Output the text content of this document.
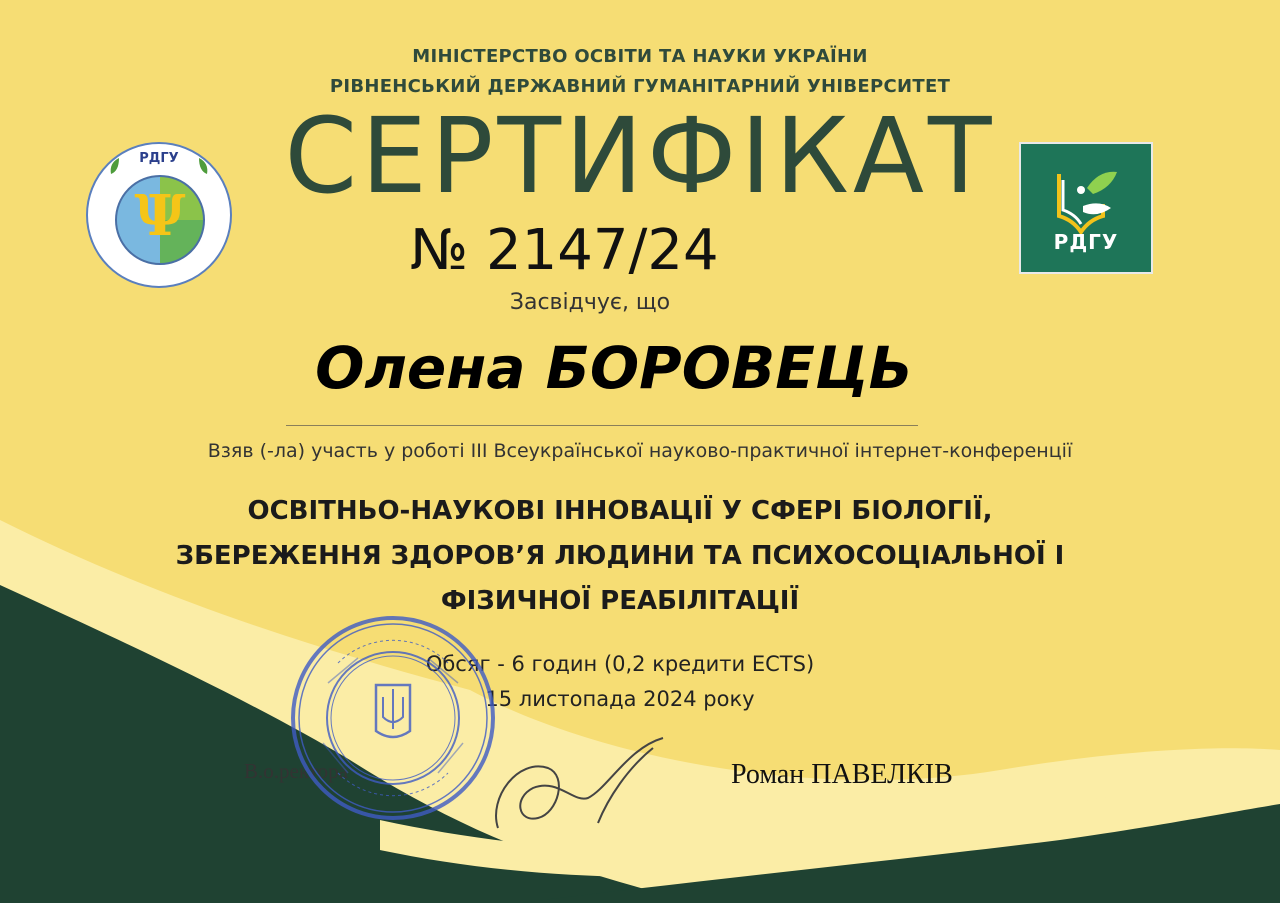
Ψ
РДГУ
РДГУ
МІНІСТЕРСТВО ОСВІТИ ТА НАУКИ УКРАЇНИ
РІВНЕНСЬКИЙ ДЕРЖАВНИЙ ГУМАНІТАРНИЙ УНІВЕРСИТЕТ
СЕРТИФІКАТ
№ 2147/24
Засвідчує, що
Олена БОРОВЕЦЬ
Взяв (-ла) участь у роботі ІІІ Всеукраїнської науково-практичної інтернет-конференції
ОСВІТНЬО-НАУКОВІ ІННОВАЦІЇ У СФЕРІ БІОЛОГІЇ,
ЗБЕРЕЖЕННЯ ЗДОРОВ’Я ЛЮДИНИ ТА ПСИХОСОЦІАЛЬНОЇ І
ФІЗИЧНОЇ РЕАБІЛІТАЦІЇ
Обсяг - 6 годин (0,2 кредити ECTS)
15 листопада 2024 року
В.о.ректора	Роман ПАВЕЛКІВ
